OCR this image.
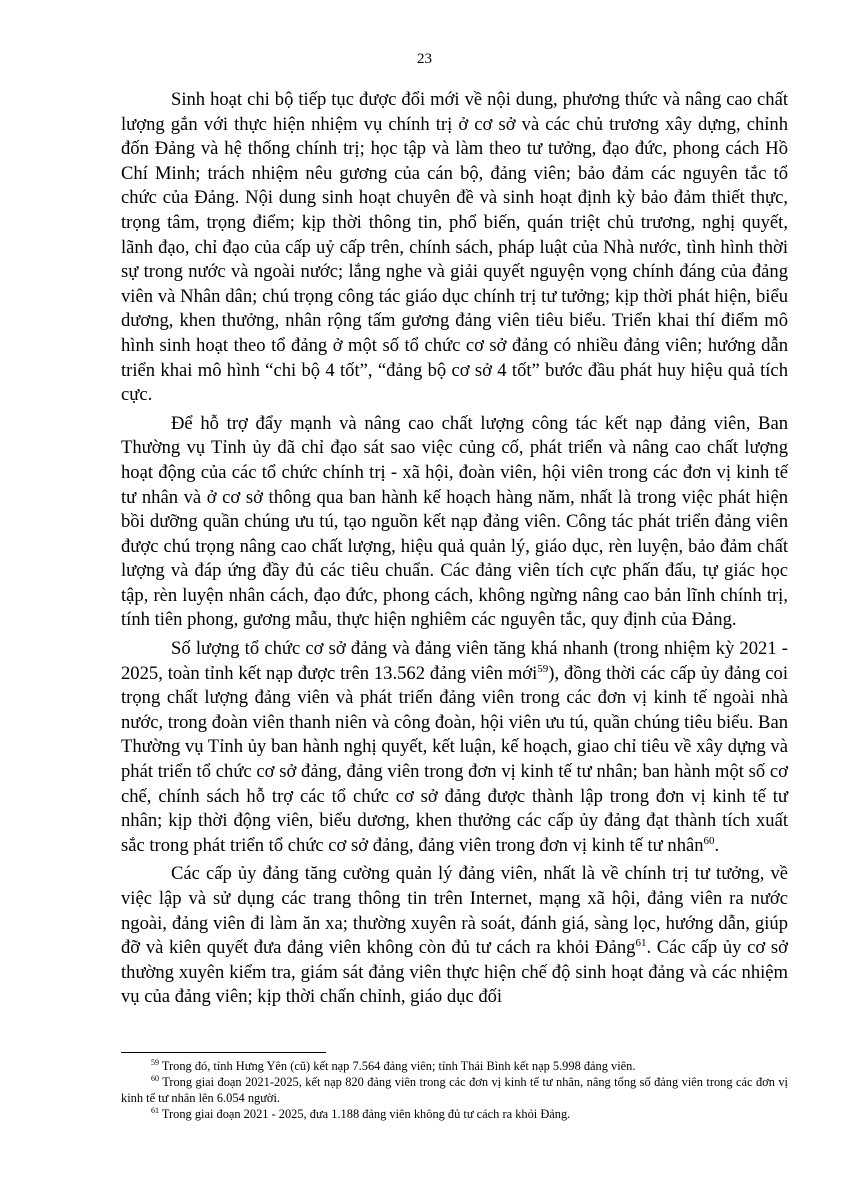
23

Sinh hoạt chi bộ tiếp tục được đổi mới về nội dung, phương thức và nâng cao chất lượng gắn với thực hiện nhiệm vụ chính trị ở cơ sở và các chủ trương xây dựng, chỉnh đốn Đảng và hệ thống chính trị; học tập và làm theo tư tưởng, đạo đức, phong cách Hồ Chí Minh; trách nhiệm nêu gương của cán bộ, đảng viên; bảo đảm các nguyên tắc tổ chức của Đảng. Nội dung sinh hoạt chuyên đề và sinh hoạt định kỳ bảo đảm thiết thực, trọng tâm, trọng điểm; kịp thời thông tin, phổ biến, quán triệt chủ trương, nghị quyết, lãnh đạo, chỉ đạo của cấp uỷ cấp trên, chính sách, pháp luật của Nhà nước, tình hình thời sự trong nước và ngoài nước; lắng nghe và giải quyết nguyện vọng chính đáng của đảng viên và Nhân dân; chú trọng công tác giáo dục chính trị tư tưởng; kịp thời phát hiện, biểu dương, khen thưởng, nhân rộng tấm gương đảng viên tiêu biểu. Triển khai thí điểm mô hình sinh hoạt theo tổ đảng ở một số tổ chức cơ sở đảng có nhiều đảng viên; hướng dẫn triển khai mô hình “chi bộ 4 tốt”, “đảng bộ cơ sở 4 tốt” bước đầu phát huy hiệu quả tích cực.

Để hỗ trợ đẩy mạnh và nâng cao chất lượng công tác kết nạp đảng viên, Ban Thường vụ Tỉnh ủy đã chỉ đạo sát sao việc củng cố, phát triển và nâng cao chất lượng hoạt động của các tổ chức chính trị - xã hội, đoàn viên, hội viên trong các đơn vị kinh tế tư nhân và ở cơ sở thông qua ban hành kế hoạch hàng năm, nhất là trong việc phát hiện bồi dưỡng quần chúng ưu tú, tạo nguồn kết nạp đảng viên. Công tác phát triển đảng viên được chú trọng nâng cao chất lượng, hiệu quả quản lý, giáo dục, rèn luyện, bảo đảm chất lượng và đáp ứng đầy đủ các tiêu chuẩn. Các đảng viên tích cực phấn đấu, tự giác học tập, rèn luyện nhân cách, đạo đức, phong cách, không ngừng nâng cao bản lĩnh chính trị, tính tiên phong, gương mẫu, thực hiện nghiêm các nguyên tắc, quy định của Đảng.

Số lượng tổ chức cơ sở đảng và đảng viên tăng khá nhanh (trong nhiệm kỳ 2021 - 2025, toàn tỉnh kết nạp được trên 13.562 đảng viên mới$^{59}$), đồng thời các cấp ủy đảng coi trọng chất lượng đảng viên và phát triển đảng viên trong các đơn vị kinh tế ngoài nhà nước, trong đoàn viên thanh niên và công đoàn, hội viên ưu tú, quần chúng tiêu biểu. Ban Thường vụ Tỉnh ủy ban hành nghị quyết, kết luận, kế hoạch, giao chỉ tiêu về xây dựng và phát triển tổ chức cơ sở đảng, đảng viên trong đơn vị kinh tế tư nhân; ban hành một số cơ chế, chính sách hỗ trợ các tổ chức cơ sở đảng được thành lập trong đơn vị kinh tế tư nhân; kịp thời động viên, biểu dương, khen thưởng các cấp ủy đảng đạt thành tích xuất sắc trong phát triển tổ chức cơ sở đảng, đảng viên trong đơn vị kinh tế tư nhân$^{60}$.

Các cấp ủy đảng tăng cường quản lý đảng viên, nhất là về chính trị tư tưởng, về việc lập và sử dụng các trang thông tin trên Internet, mạng xã hội, đảng viên ra nước ngoài, đảng viên đi làm ăn xa; thường xuyên rà soát, đánh giá, sàng lọc, hướng dẫn, giúp đỡ và kiên quyết đưa đảng viên không còn đủ tư cách ra khỏi Đảng$^{61}$. Các cấp ủy cơ sở thường xuyên kiểm tra, giám sát đảng viên thực hiện chế độ sinh hoạt đảng và các nhiệm vụ của đảng viên; kịp thời chấn chỉnh, giáo dục đối

$^{59}$ Trong đó, tỉnh Hưng Yên (cũ) kết nạp 7.564 đảng viên; tỉnh Thái Bình kết nạp 5.998 đảng viên.

$^{60}$ Trong giai đoạn 2021-2025, kết nạp 820 đảng viên trong các đơn vị kinh tế tư nhân, nâng tổng số đảng viên trong các đơn vị kinh tế tư nhân lên 6.054 người.

$^{61}$ Trong giai đoạn 2021 - 2025, đưa 1.188 đảng viên không đủ tư cách ra khỏi Đảng.
